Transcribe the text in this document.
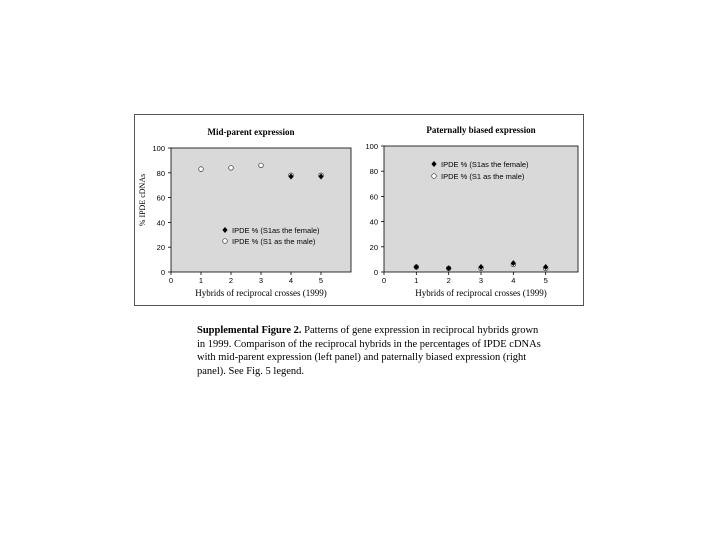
Mid-parent expression
0
20
40
60
80
100
0	1	2	3	4	5
Hybrids of reciprocal crosses (1999)
% IPDE cDNAs
IPDE % (S1as the female)
IPDE % (S1 as the male)
Paternally biased expression
0
20
40
60
80
100
0	1	2	3	4	5
Hybrids of reciprocal crosses (1999)
IPDE % (S1as the female)
IPDE % (S1 as the male)
Supplemental Figure 2. Patterns of gene expression in reciprocal hybrids grown in 1999. Comparison of the reciprocal hybrids in the percentages of IPDE cDNAs with mid-parent expression (left panel) and paternally biased expression (right panel). See Fig. 5 legend.
